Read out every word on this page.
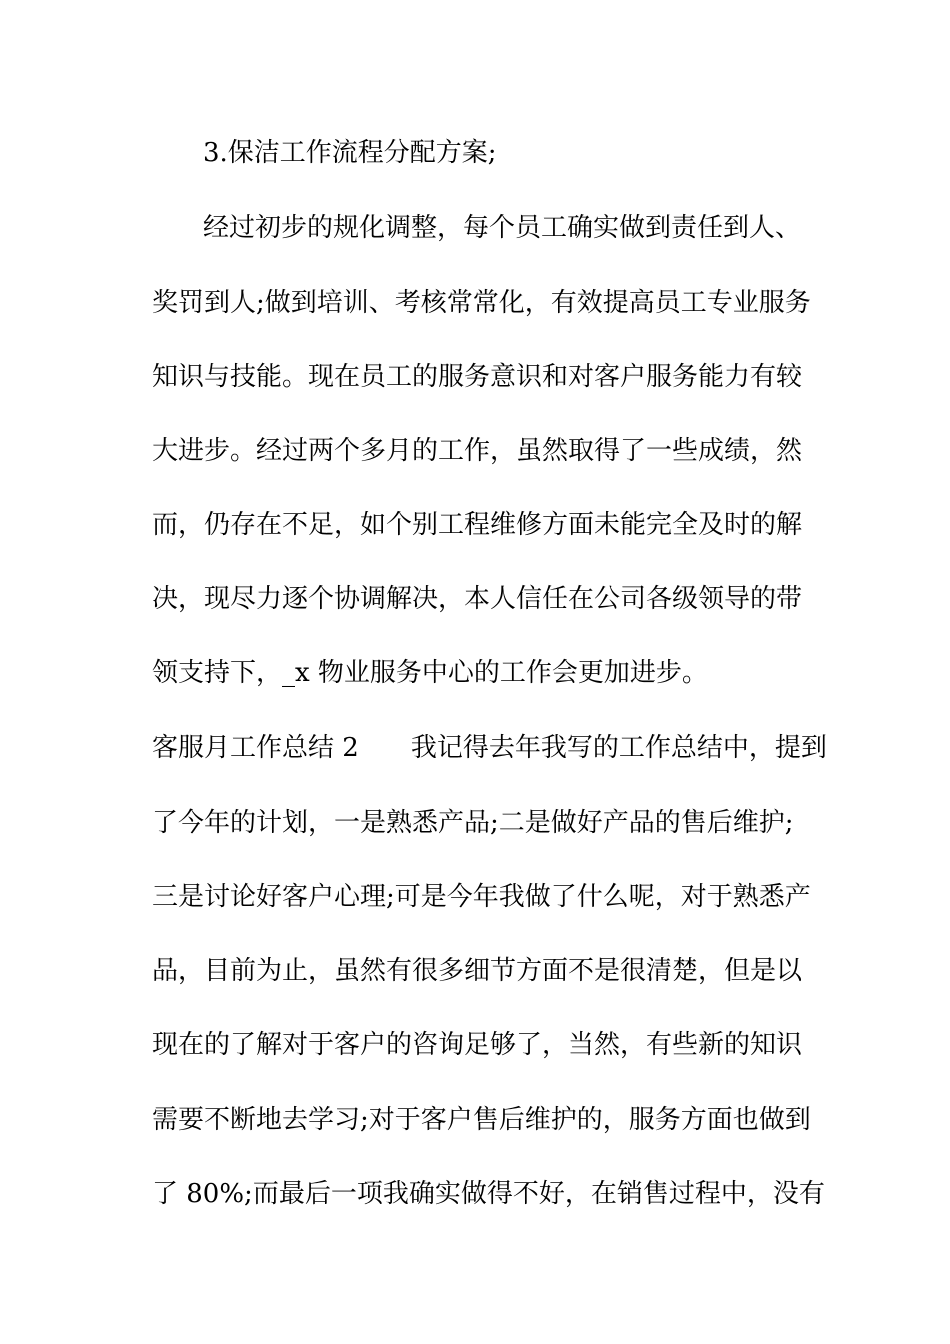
3.保洁工作流程分配方案;
经过初步的规化调整，每个员工确实做到责任到人、
奖罚到人;做到培训、考核常常化，有效提高员工专业服务
知识与技能。现在员工的服务意识和对客户服务能力有较
大进步。经过两个多月的工作，虽然取得了一些成绩，然
而，仍存在不足，如个别工程维修方面未能完全及时的解
决，现尽力逐个协调解决，本人信任在公司各级领导的带
领支持下，_x 物业服务中心的工作会更加进步。
客服月工作总结 2 我记得去年我写的工作总结中，提到
了今年的计划，一是熟悉产品;二是做好产品的售后维护;
三是讨论好客户心理;可是今年我做了什么呢，对于熟悉产
品，目前为止，虽然有很多细节方面不是很清楚，但是以
现在的了解对于客户的咨询足够了，当然，有些新的知识
需要不断地去学习;对于客户售后维护的，服务方面也做到
了 80%;而最后一项我确实做得不好，在销售过程中，没有
